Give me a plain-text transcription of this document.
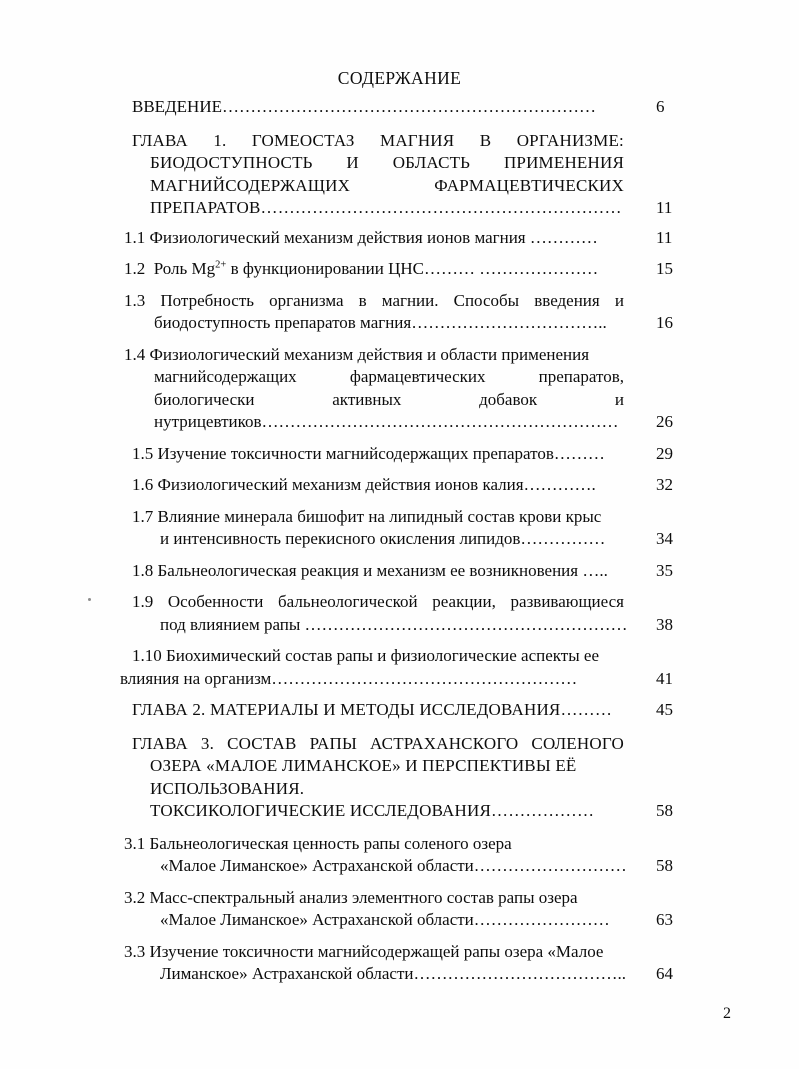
СОДЕРЖАНИЕ
ВВЕДЕНИЕ…………………………………………………………	6
ГЛАВА 1. ГОМЕОСТАЗ МАГНИЯ В ОРГАНИЗМЕ:
БИОДОСТУПНОСТЬ И ОБЛАСТЬ ПРИМЕНЕНИЯ
МАГНИЙСОДЕРЖАЩИХ	ФАРМАЦЕВТИЧЕСКИХ
ПРЕПАРАТОВ……………………………………………………… 11
1.1 Физиологический механизм действия ионов магния …………	11
1.2  Роль $Mg^{2+}$ в функционировании ЦНС……… …………………	15
1.3 Потребность организма в магнии. Способы введения и
биодоступность препаратов магния……………………………..	16
1.4 Физиологический механизм действия и области применения
магнийсодержащих	фармацевтических	препаратов,
биологически	активных	добавок	и
нутрицевтиков………………………………………………………	26
1.5 Изучение токсичности магнийсодержащих препаратов………	29
1.6 Физиологический механизм действия ионов калия………….	32
1.7 Влияние минерала бишофит на липидный состав крови крыс
и интенсивность перекисного окисления липидов……………	34
1.8 Бальнеологическая реакция и механизм ее возникновения …..	35
1.9 Особенности бальнеологической реакции, развивающиеся
под влиянием рапы ………………………………………………… 38
1.10 Биохимический состав рапы и физиологические аспекты ее
влияния на организм………………………………………………	41
ГЛАВА 2. МАТЕРИАЛЫ И МЕТОДЫ ИССЛЕДОВАНИЯ………	45
ГЛАВА 3. СОСТАВ РАПЫ АСТРАХАНСКОГО СОЛЕНОГО
ОЗЕРА «МАЛОЕ ЛИМАНСКОЕ» И ПЕРСПЕКТИВЫ ЕЁ
ИСПОЛЬЗОВАНИЯ.
ТОКСИКОЛОГИЧЕСКИЕ ИССЛЕДОВАНИЯ………………	58
3.1 Бальнеологическая ценность рапы соленого озера
«Малое Лиманское» Астраханской области……………………… 58
3.2 Масс-спектральный анализ элементного состав рапы озера
«Малое Лиманское» Астраханской области……………………	63
3.3 Изучение токсичности магнийсодержащей рапы озера «Малое
Лиманское» Астраханской области……………………………….. 64
2
